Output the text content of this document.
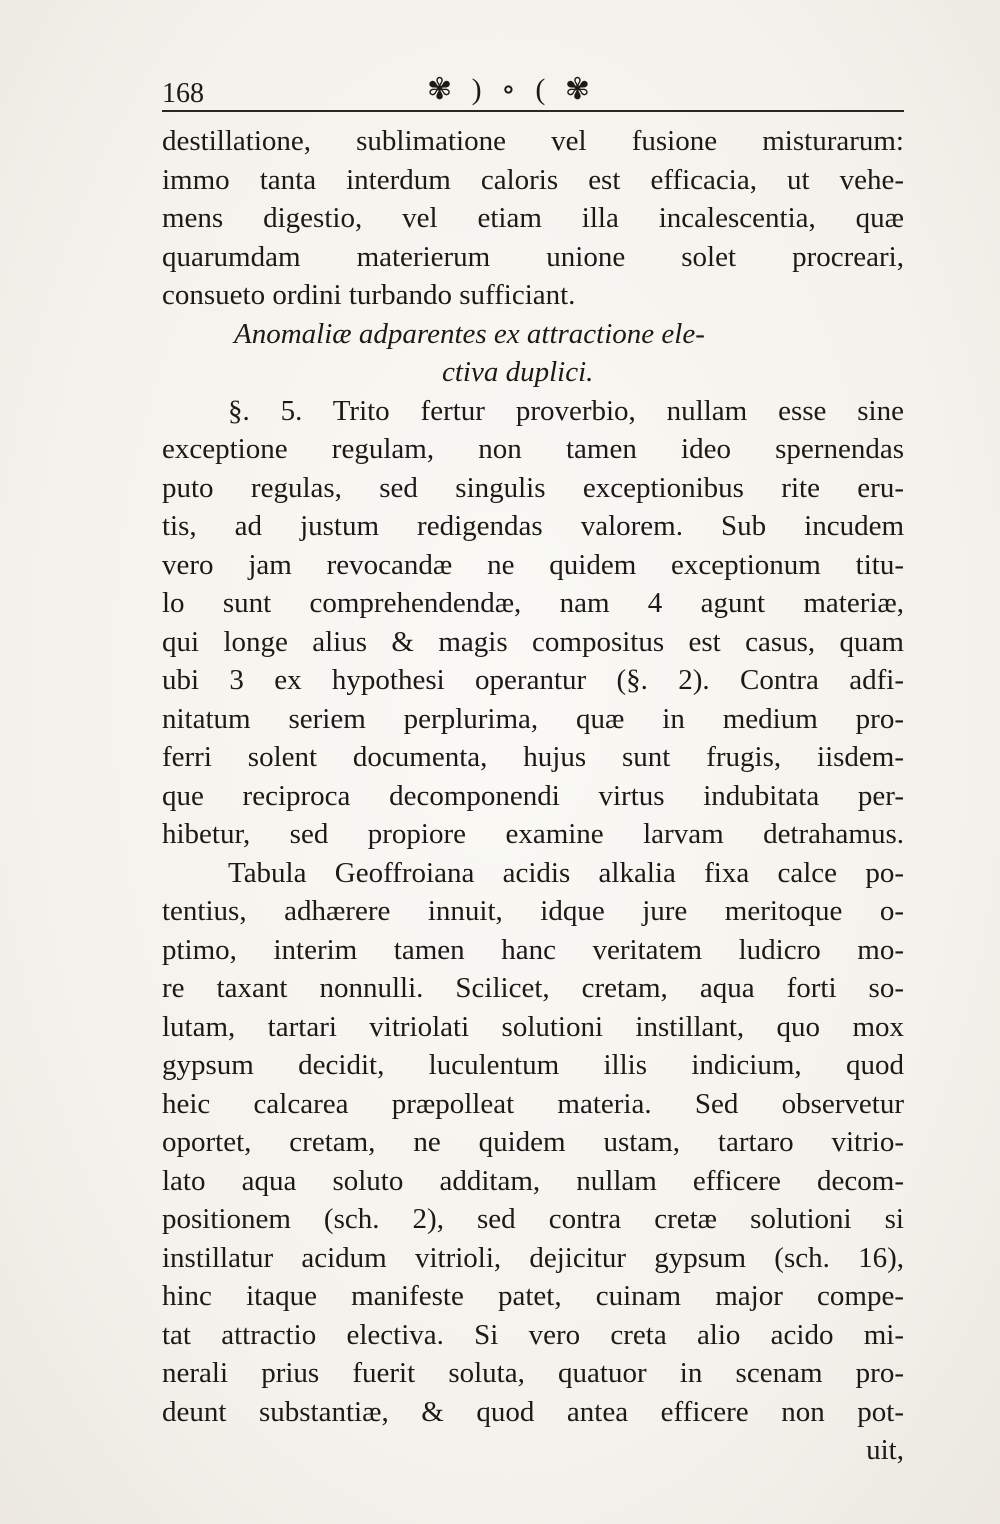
168	✾ ) ∘ ( ✾
destillatione, sublimatione vel fusione misturarum:
immo tanta interdum caloris est efficacia, ut vehe-
mens digestio, vel etiam illa incalescentia, quæ
quarumdam materierum unione solet procreari,
consueto ordini turbando sufficiant.
Anomaliæ adparentes ex attractione ele-
ctiva duplici.
§. 5. Trito fertur proverbio, nullam esse sine
exceptione regulam, non tamen ideo spernendas
puto regulas, sed singulis exceptionibus rite eru-
tis, ad justum redigendas valorem. Sub incudem
vero jam revocandæ ne quidem exceptionum titu-
lo sunt comprehendendæ, nam 4 agunt materiæ,
qui longe alius & magis compositus est casus, quam
ubi 3 ex hypothesi operantur (§. 2). Contra adfi-
nitatum seriem perplurima, quæ in medium pro-
ferri solent documenta, hujus sunt frugis, iisdem-
que reciproca decomponendi virtus indubitata per-
hibetur, sed propiore examine larvam detrahamus.
Tabula Geoffroiana acidis alkalia fixa calce po-
tentius, adhærere innuit, idque jure meritoque o-
ptimo, interim tamen hanc veritatem ludicro mo-
re taxant nonnulli. Scilicet, cretam, aqua forti so-
lutam, tartari vitriolati solutioni instillant, quo mox
gypsum decidit, luculentum illis indicium, quod
heic calcarea præpolleat materia. Sed observetur
oportet, cretam, ne quidem ustam, tartaro vitrio-
lato aqua soluto additam, nullam efficere decom-
positionem (sch. 2), sed contra cretæ solutioni si
instillatur acidum vitrioli, dejicitur gypsum (sch. 16),
hinc itaque manifeste patet, cuinam major compe-
tat attractio electiva. Si vero creta alio acido mi-
nerali prius fuerit soluta, quatuor in scenam pro-
deunt substantiæ, & quod antea efficere non pot-
uit,
